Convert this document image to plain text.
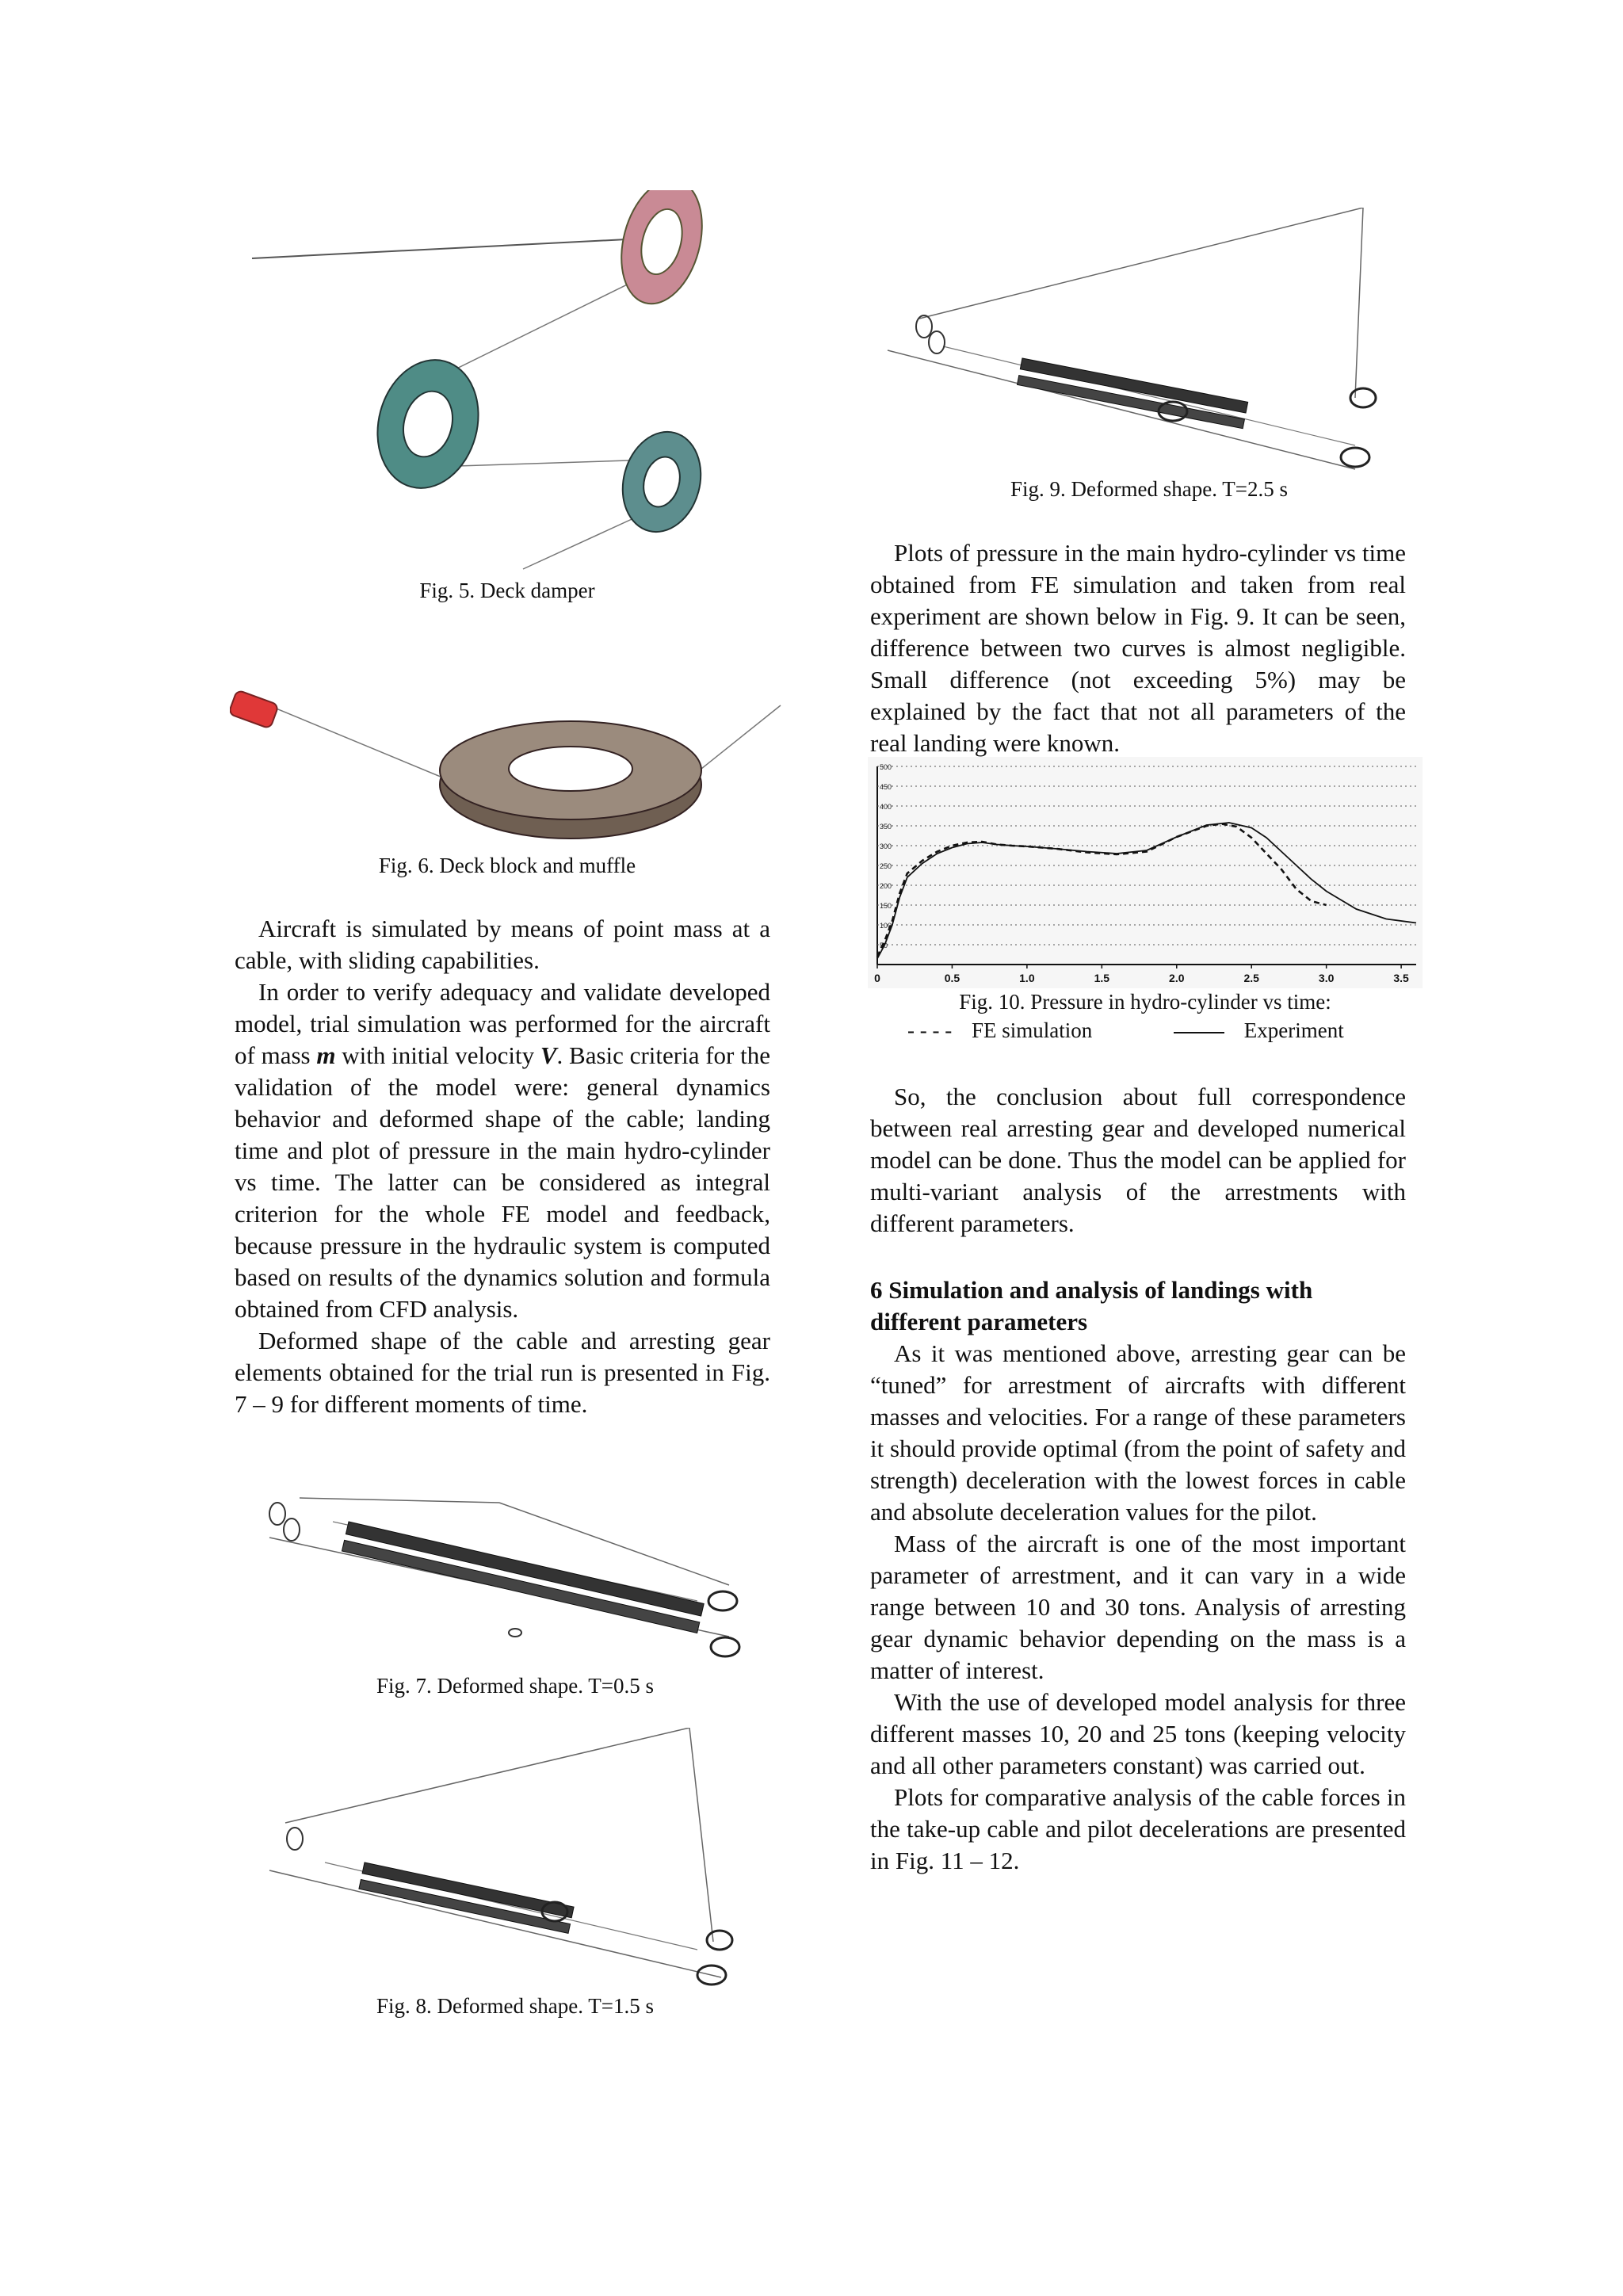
Fig. 5. Deck damper
Fig. 6. Deck block and muffle
Fig. 7. Deformed shape. T=0.5 s
Fig. 8. Deformed shape. T=1.5 s
Fig. 9. Deformed shape. T=2.5 s
50
100
150
200
250
300
350
400
450
500
0	0.5	1.0	1.5	2.0	2.5	3.0	3.5
Fig. 10. Pressure in hydro-cylinder vs time:
- - - - FE simulation	Experiment

Aircraft is simulated by means of point mass at a cable, with sliding capabilities.

In order to verify adequacy and validate developed model, trial simulation was performed for the aircraft of mass m with initial velocity V. Basic criteria for the validation of the model were: general dynamics behavior and deformed shape of the cable; landing time and plot of pressure in the main hydro-cylinder vs time. The latter can be considered as integral criterion for the whole FE model and feedback, because pressure in the hydraulic system is computed based on results of the dynamics solution and formula obtained from CFD analysis.

Deformed shape of the cable and arresting gear elements obtained for the trial run is presented in Fig. 7 – 9 for different moments of time.

Plots of pressure in the main hydro-cylinder vs time obtained from FE simulation and taken from real experiment are shown below in Fig. 9. It can be seen, difference between two curves is almost negligible. Small difference (not exceeding 5%) may be explained by the fact that not all parameters of the real landing were known.

So, the conclusion about full correspondence between real arresting gear and developed numerical model can be done. Thus the model can be applied for multi-variant analysis of the arrestments with different parameters.

6 Simulation and analysis of landings with different parameters

As it was mentioned above, arresting gear can be “tuned” for arrestment of aircrafts with different masses and velocities. For a range of these parameters it should provide optimal (from the point of safety and strength) deceleration with the lowest forces in cable and absolute deceleration values for the pilot.

Mass of the aircraft is one of the most important parameter of arrestment, and it can vary in a wide range between 10 and 30 tons. Analysis of arresting gear dynamic behavior depending on the mass is a matter of interest.

With the use of developed model analysis for three different masses 10, 20 and 25 tons (keeping velocity and all other parameters constant) was carried out.

Plots for comparative analysis of the cable forces in the take-up cable and pilot decelerations are presented in Fig. 11 – 12.
